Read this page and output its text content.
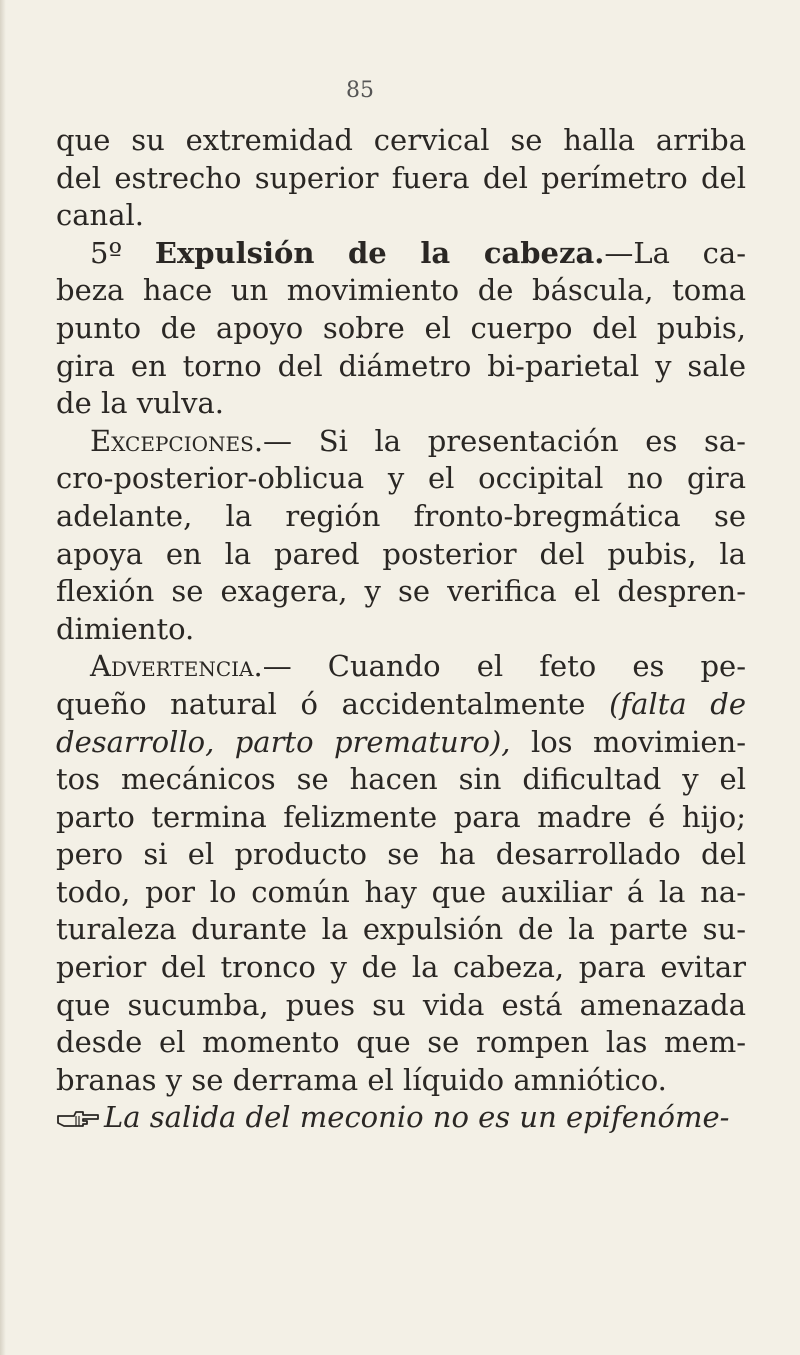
85
que su extremidad cervical se halla arriba
del estrecho superior fuera del perímetro del
canal.
5º Expulsión de la cabeza.—La ca-
beza hace un movimiento de báscula, toma
punto de apoyo sobre el cuerpo del pubis,
gira en torno del diámetro bi-parietal y sale
de la vulva.
Excepciones.— Si la presentación es sa-
cro-posterior-oblicua y el occipital no gira
adelante, la región fronto-bregmática se
apoya en la pared posterior del pubis, la
flexión se exagera, y se verifica el despren-
dimiento.
Advertencia.— Cuando el feto es pe-
queño natural ó accidentalmente (falta de
desarrollo, parto prematuro), los movimien-
tos mecánicos se hacen sin dificultad y el
parto termina felizmente para madre é hijo;
pero si el producto se ha desarrollado del
todo, por lo común hay que auxiliar á la na-
turaleza durante la expulsión de la parte su-
perior del tronco y de la cabeza, para evitar
que sucumba, pues su vida está amenazada
desde el momento que se rompen las mem-
branas y se derrama el líquido amniótico.
La salida del meconio no es un epifenóme-
